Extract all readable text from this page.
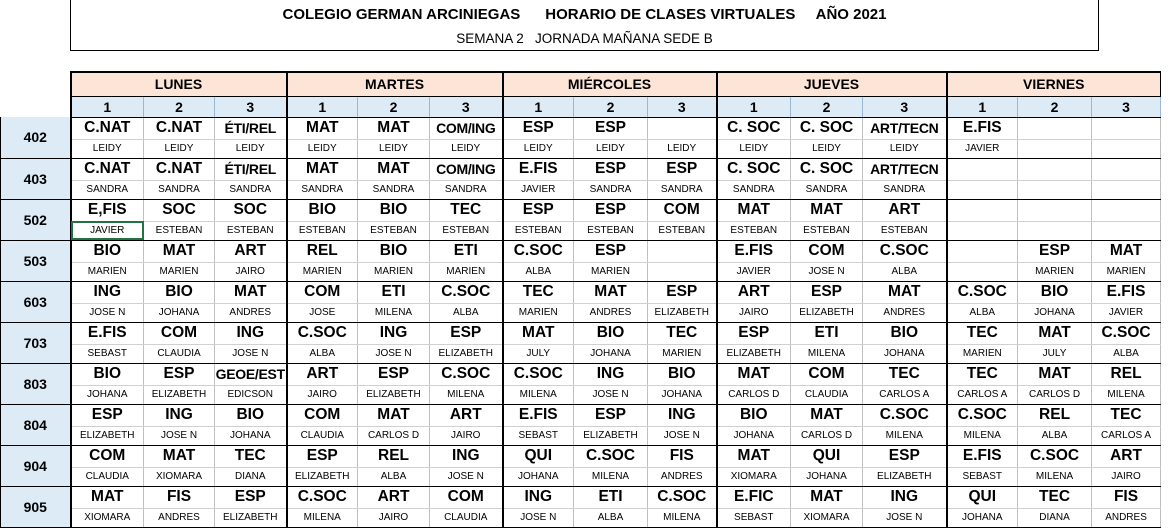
COLEGIO GERMAN ARCINIEGAS      HORARIO DE CLASES VIRTUALES     AÑO 2021
SEMANA 2   JORNADA MAÑANA SEDE B
	LUNES			MARTES			MIÉRCOLES			JUEVES			VIERNES		
	1	2	3	1	2	3	1	2	3	1	2	3	1	2	3
402	C.NAT	C.NAT	ÉTI/REL	MAT	MAT	COM/ING	ESP	ESP		C. SOC	C. SOC	ART/TECN	E.FIS		
	LEIDY	LEIDY	LEIDY	LEIDY	LEIDY	LEIDY	LEIDY	LEIDY	LEIDY	LEIDY	LEIDY	LEIDY	JAVIER		
403	C.NAT	C.NAT	ÉTI/REL	MAT	MAT	COM/ING	E.FIS	ESP	ESP	C. SOC	C. SOC	ART/TECN			
	SANDRA	SANDRA	SANDRA	SANDRA	SANDRA	SANDRA	JAVIER	SANDRA	SANDRA	SANDRA	SANDRA	SANDRA			
502	E,FIS	SOC	SOC	BIO	BIO	TEC	ESP	ESP	COM	MAT	MAT	ART			
	JAVIER	ESTEBAN	ESTEBAN	ESTEBAN	ESTEBAN	ESTEBAN	ESTEBAN	ESTEBAN	ESTEBAN	ESTEBAN	ESTEBAN	ESTEBAN			
503	BIO	MAT	ART	REL	BIO	ETI	C.SOC	ESP		E.FIS	COM	C.SOC		ESP	MAT
	MARIEN	MARIEN	JAIRO	MARIEN	MARIEN	MARIEN	ALBA	MARIEN		JAVIER	JOSE N	ALBA		MARIEN	MARIEN
603	ING	BIO	MAT	COM	ETI	C.SOC	TEC	MAT	ESP	ART	ESP	MAT	C.SOC	BIO	E.FIS
	JOSE N	JOHANA	ANDRES	JOSE	MILENA	ALBA	MARIEN	ANDRES	ELIZABETH	JAIRO	ELIZABETH	ANDRES	ALBA	JOHANA	JAVIER
703	E.FIS	COM	ING	C.SOC	ING	ESP	MAT	BIO	TEC	ESP	ETI	BIO	TEC	MAT	C.SOC
	SEBAST	CLAUDIA	JOSE N	ALBA	JOSE N	ELIZABETH	JULY	JOHANA	MARIEN	ELIZABETH	MILENA	JOHANA	MARIEN	JULY	ALBA
803	BIO	ESP	GEOE/EST	ART	ESP	C.SOC	C.SOC	ING	BIO	MAT	COM	TEC	TEC	MAT	REL
	JOHANA	ELIZABETH	EDICSON	JAIRO	ELIZABETH	MILENA	MILENA	JOSE N	JOHANA	CARLOS D	CLAUDIA	CARLOS A	CARLOS A	CARLOS D	MILENA
804	ESP	ING	BIO	COM	MAT	ART	E.FIS	ESP	ING	BIO	MAT	C.SOC	C.SOC	REL	TEC
	ELIZABETH	JOSE N	JOHANA	CLAUDIA	CARLOS D	JAIRO	SEBAST	ELIZABETH	JOSE N	JOHANA	CARLOS D	MILENA	MILENA	ALBA	CARLOS A
904	COM	MAT	TEC	ESP	REL	ING	QUI	C.SOC	FIS	MAT	QUI	ESP	E.FIS	C.SOC	ART
	CLAUDIA	XIOMARA	DIANA	ELIZABETH	ALBA	JOSE N	JOHANA	MILENA	ANDRES	XIOMARA	JOHANA	ELIZABETH	SEBAST	MILENA	JAIRO
905	MAT	FIS	ESP	C.SOC	ART	COM	ING	ETI	C.SOC	E.FIC	MAT	ING	QUI	TEC	FIS
	XIOMARA	ANDRES	ELIZABETH	MILENA	JAIRO	CLAUDIA	JOSE N	ALBA	MILENA	SEBAST	XIOMARA	JOSE N	JOHANA	DIANA	ANDRES
